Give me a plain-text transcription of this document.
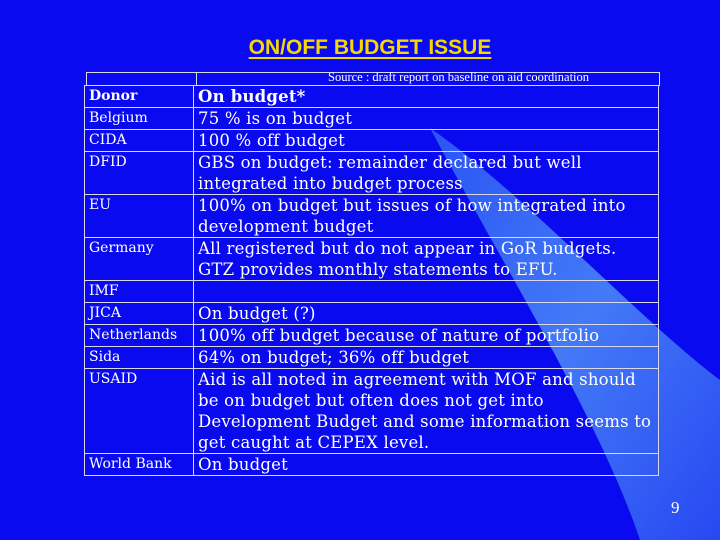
ON/OFF BUDGET ISSUE
Source : draft report on baseline on aid coordination
Donor	On budget*
Belgium	75 % is on budget
CIDA	100 % off budget
DFID	GBS on budget: remainder declared but well integrated into budget process
EU	100% on budget but issues of how integrated into development budget
Germany	All registered but do not appear in GoR budgets. GTZ provides monthly statements to EFU.
IMF	
JICA	On budget (?)
Netherlands	100% off budget because of nature of portfolio
Sida	64% on budget; 36% off budget
USAID	Aid is all noted in agreement with MOF and should be on budget but often does not get into Development Budget and some information seems to get caught at CEPEX level.
World Bank	On budget
9
